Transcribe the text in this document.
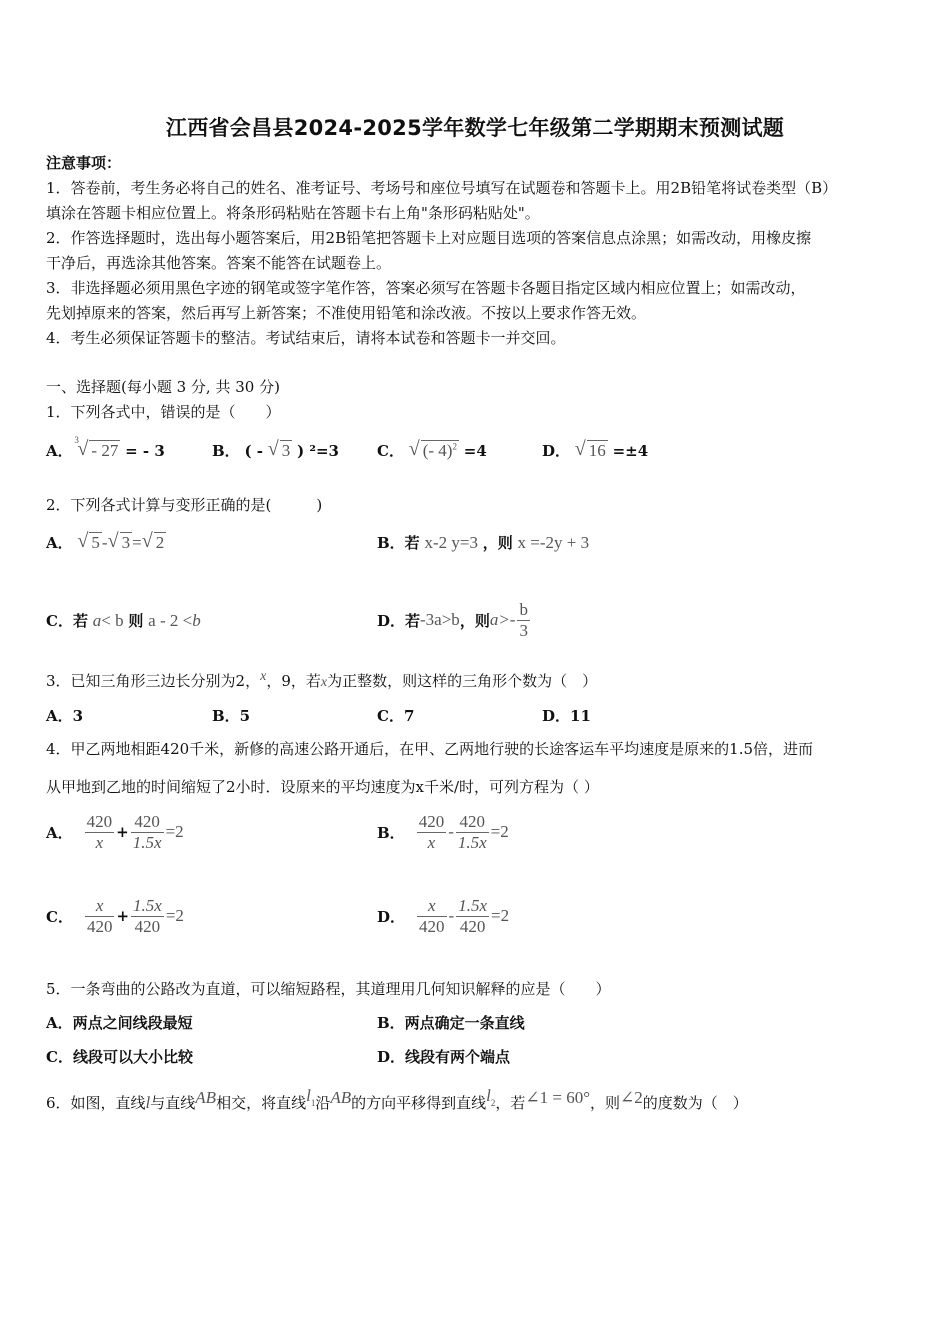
江西省会昌县2024-2025学年数学七年级第二学期期末预测试题
注意事项：
1．答卷前，考生务必将自己的姓名、准考证号、考场号和座位号填写在试题卷和答题卡上。用2B铅笔将试卷类型（B）
填涂在答题卡相应位置上。将条形码粘贴在答题卡右上角"条形码粘贴处"。
2．作答选择题时，选出每小题答案后，用2B铅笔把答题卡上对应题目选项的答案信息点涂黑；如需改动，用橡皮擦
干净后，再选涂其他答案。答案不能答在试题卷上。
3．非选择题必须用黑色字迹的钢笔或签字笔作答，答案必须写在答题卡各题目指定区域内相应位置上；如需改动，
先划掉原来的答案，然后再写上新答案；不准使用铅笔和涂改液。不按以上要求作答无效。
4．考生必须保证答题卡的整洁。考试结束后，请将本试卷和答题卡一并交回。
一、选择题(每小题 3 分, 共 30 分)
1．下列各式中，错误的是（　　）
A．
3
√ - 27 = - 3	B． ( - √ 3 ) ²=3	C． √ (- 4)$^2$ =4	D． √ 16 =±4
2．下列各式计算与变形正确的是(　　　)
A． √ 5 - √ 3 = √ 2	B．若 x-2 y=3 ，则 x =-2y + 3
C．若 a< b 则 a - 2 <b	D．若 -3a>b ，则 $a>- \frac{b}{3}$
3．已知三角形三边长分别为2，x，9，若x为正整数，则这样的三角形个数为（　）
A．3	B．5	C．7	D．11
4．甲乙两地相距420千米，新修的高速公路开通后，在甲、乙两地行驶的长途客运车平均速度是原来的1.5倍，进而
从甲地到乙地的时间缩短了2小时．设原来的平均速度为x千米/时，可列方程为（ ）
A． $\frac{420}{x} + \frac{420}{1.5x} =2$	B． $\frac{420}{x} - \frac{420}{1.5x} =2$
C． $\frac{x}{420} + \frac{1.5x}{420} =2$	D． $\frac{x}{420} - \frac{1.5x}{420} =2$
5．一条弯曲的公路改为直道，可以缩短路程，其道理用几何知识解释的应是（　　）
A．两点之间线段最短	B．两点确定一条直线
C．线段可以大小比较	D．线段有两个端点
6．如图，直线l与直线AB相交，将直线$l_1$沿AB的方向平移得到直线$l_2$，若∠1 = 60°，则∠2的度数为（　）
